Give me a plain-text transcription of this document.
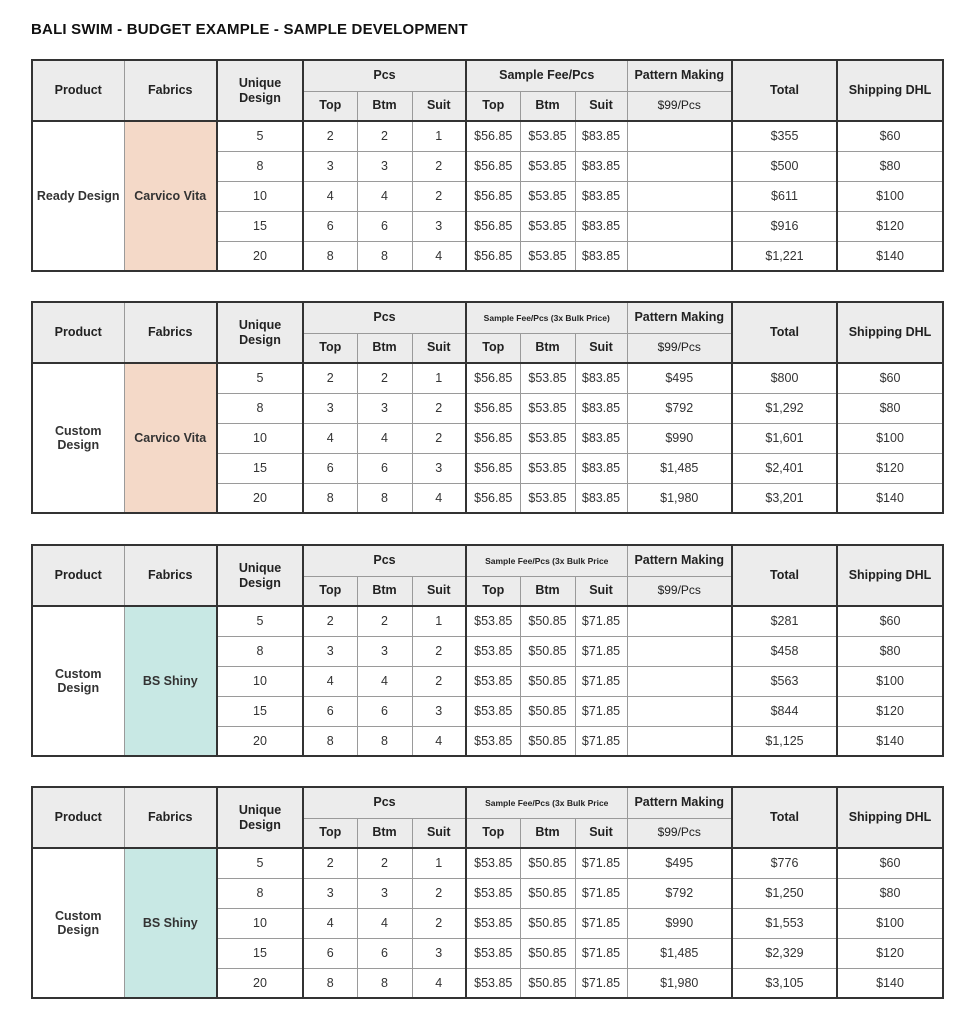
BALI SWIM - BUDGET EXAMPLE - SAMPLE DEVELOPMENT
Product	Fabrics	Unique Design	Pcs			Sample Fee/Pcs			Pattern Making	Total	Shipping DHL
			Top	Btm	Suit	Top	Btm	Suit	$99/Pcs		
Ready Design	Carvico Vita	5	2	2	1	$56.85	$53.85	$83.85		$355	$60
		8	3	3	2	$56.85	$53.85	$83.85		$500	$80
		10	4	4	2	$56.85	$53.85	$83.85		$611	$100
		15	6	6	3	$56.85	$53.85	$83.85		$916	$120
		20	8	8	4	$56.85	$53.85	$83.85		$1,221	$140
Product	Fabrics	Unique Design	Pcs			Sample Fee/Pcs (3x Bulk Price)			Pattern Making	Total	Shipping DHL
			Top	Btm	Suit	Top	Btm	Suit	$99/Pcs		
Custom Design	Carvico Vita	5	2	2	1	$56.85	$53.85	$83.85	$495	$800	$60
		8	3	3	2	$56.85	$53.85	$83.85	$792	$1,292	$80
		10	4	4	2	$56.85	$53.85	$83.85	$990	$1,601	$100
		15	6	6	3	$56.85	$53.85	$83.85	$1,485	$2,401	$120
		20	8	8	4	$56.85	$53.85	$83.85	$1,980	$3,201	$140
Product	Fabrics	Unique Design	Pcs			Sample Fee/Pcs (3x Bulk Price			Pattern Making	Total	Shipping DHL
			Top	Btm	Suit	Top	Btm	Suit	$99/Pcs		
Custom Design	BS Shiny	5	2	2	1	$53.85	$50.85	$71.85		$281	$60
		8	3	3	2	$53.85	$50.85	$71.85		$458	$80
		10	4	4	2	$53.85	$50.85	$71.85		$563	$100
		15	6	6	3	$53.85	$50.85	$71.85		$844	$120
		20	8	8	4	$53.85	$50.85	$71.85		$1,125	$140
Product	Fabrics	Unique Design	Pcs			Sample Fee/Pcs (3x Bulk Price			Pattern Making	Total	Shipping DHL
			Top	Btm	Suit	Top	Btm	Suit	$99/Pcs		
Custom Design	BS Shiny	5	2	2	1	$53.85	$50.85	$71.85	$495	$776	$60
		8	3	3	2	$53.85	$50.85	$71.85	$792	$1,250	$80
		10	4	4	2	$53.85	$50.85	$71.85	$990	$1,553	$100
		15	6	6	3	$53.85	$50.85	$71.85	$1,485	$2,329	$120
		20	8	8	4	$53.85	$50.85	$71.85	$1,980	$3,105	$140
